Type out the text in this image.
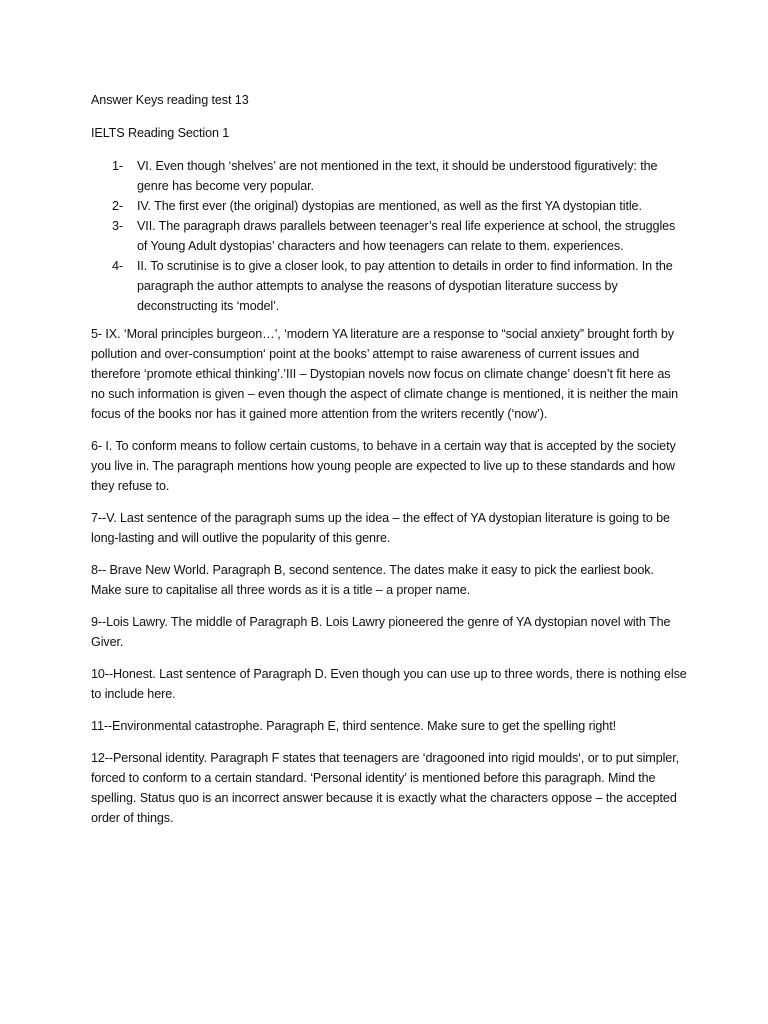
Answer Keys reading test 13

IELTS Reading Section 1

1-	VI. Even though ‘shelves’ are not mentioned in the text, it should be understood figuratively: the genre has become very popular.
2-	IV. The first ever (the original) dystopias are mentioned, as well as the first YA dystopian title.
3-	VII. The paragraph draws parallels between teenager’s real life experience at school, the struggles of Young Adult dystopias’ characters and how teenagers can relate to them. experiences.
4-	II. To scrutinise is to give a closer look, to pay attention to details in order to find information. In the paragraph the author attempts to analyse the reasons of dyspotian literature success by deconstructing its ‘model’.

5- IX. ‘Moral principles burgeon…’, ‘modern YA literature are a response to “social anxiety” brought forth by pollution and over-consumption‘ point at the books’ attempt to raise awareness of current issues and therefore ‘promote ethical thinking’.’III – Dystopian novels now focus on climate change’ doesn’t fit here as no such information is given – even though the aspect of climate change is mentioned, it is neither the main focus of the books nor has it gained more attention from the writers recently (‘now’).

6- I. To conform means to follow certain customs, to behave in a certain way that is accepted by the society you live in. The paragraph mentions how young people are expected to live up to these standards and how they refuse to.

7--V. Last sentence of the paragraph sums up the idea – the effect of YA dystopian literature is going to be long-lasting and will outlive the popularity of this genre.

8-- Brave New World. Paragraph B, second sentence. The dates make it easy to pick the earliest book. Make sure to capitalise all three words as it is a title – a proper name.

9--Lois Lawry. The middle of Paragraph B. Lois Lawry pioneered the genre of YA dystopian novel with The Giver.

10--Honest. Last sentence of Paragraph D. Even though you can use up to three words, there is nothing else to include here.

11--Environmental catastrophe. Paragraph E, third sentence. Make sure to get the spelling right!

12--Personal identity. Paragraph F states that teenagers are ‘dragooned into rigid moulds‘, or to put simpler, forced to conform to a certain standard. ‘Personal identity’ is mentioned before this paragraph. Mind the spelling. Status quo is an incorrect answer because it is exactly what the characters oppose – the accepted order of things.
